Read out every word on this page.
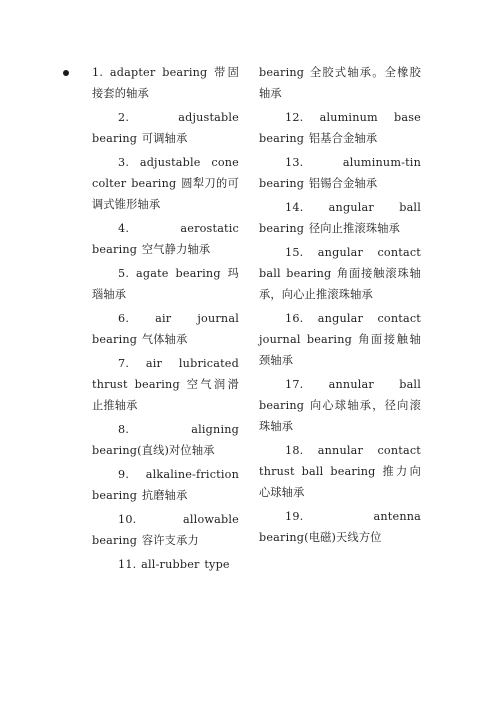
1. adapter bearing 带固接套的轴承

2. adjustable bearing 可调轴承

3. adjustable cone colter bearing 圆犁刀的可调式锥形轴承

4. aerostatic bearing 空气静力轴承

5. agate bearing 玛瑙轴承

6. air journal bearing 气体轴承

7. air lubricated thrust bearing 空气润滑止推轴承

8. aligning bearing(直线)对位轴承

9. alkaline-friction bearing 抗磨轴承

10. allowable bearing 容许支承力

11. all-rubber type

bearing 全胶式轴承。全橡胶轴承

12. aluminum base bearing 铝基合金轴承

13. aluminum-tin bearing 铝锡合金轴承

14. angular ball bearing 径向止推滚珠轴承

15. angular contact ball bearing 角面接触滚珠轴承，向心止推滚珠轴承

16. angular contact journal bearing 角面接触轴颈轴承

17. annular ball bearing 向心球轴承，径向滚珠轴承

18. annular contact thrust ball bearing 推力向心球轴承

19. antenna bearing(电磁)天线方位
